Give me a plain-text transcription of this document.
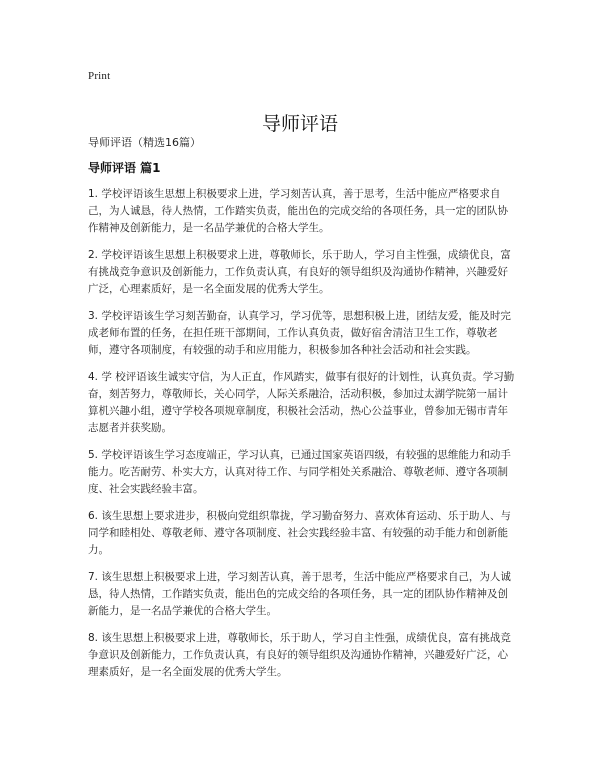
Print
导师评语
导师评语（精选16篇）
导师评语 篇1

1. 学校评语该生思想上积极要求上进，学习刻苦认真，善于思考，生活中能应严格要求自己，为人诚恳，待人热情，工作踏实负责，能出色的完成交给的各项任务，具一定的团队协作精神及创新能力，是一名品学兼优的合格大学生。

2. 学校评语该生思想上积极要求上进，尊敬师长，乐于助人，学习自主性强，成绩优良，富有挑战竞争意识及创新能力，工作负责认真，有良好的领导组织及沟通协作精神，兴趣爱好广泛，心理素质好，是一名全面发展的优秀大学生。

3. 学校评语该生学习刻苦勤奋，认真学习，学习优等，思想积极上进，团结友爱，能及时完成老师布置的任务，在担任班干部期间，工作认真负责，做好宿舍清洁卫生工作，尊敬老师，遵守各项制度，有较强的动手和应用能力，积极参加各种社会活动和社会实践。

4. 学 校评语该生诚实守信，为人正直，作风踏实，做事有很好的计划性，认真负责。学习勤奋，刻苦努力，尊敬师长，关心同学，人际关系融洽，活动积极，参加过太湖学院第一届计算机兴趣小组，遵守学校各项规章制度，积极社会活动，热心公益事业，曾参加无锡市青年志愿者并获奖励。

5. 学校评语该生学习态度端正，学习认真，已通过国家英语四级，有较强的思维能力和动手能力。吃苦耐劳、朴实大方，认真对待工作、与同学相处关系融洽、尊敬老师、遵守各项制度、社会实践经验丰富。

6. 该生思想上要求进步，积极向党组织靠拢，学习勤奋努力、喜欢体育运动、乐于助人、与同学和睦相处、尊敬老师、遵守各项制度、社会实践经验丰富、有较强的动手能力和创新能力。

7. 该生思想上积极要求上进，学习刻苦认真，善于思考，生活中能应严格要求自己，为人诚恳，待人热情，工作踏实负责，能出色的完成交给的各项任务，具一定的团队协作精神及创新能力，是一名品学兼优的合格大学生。

8. 该生思想上积极要求上进，尊敬师长，乐于助人，学习自主性强，成绩优良，富有挑战竞争意识及创新能力，工作负责认真，有良好的领导组织及沟通协作精神，兴趣爱好广泛，心理素质好，是一名全面发展的优秀大学生。
